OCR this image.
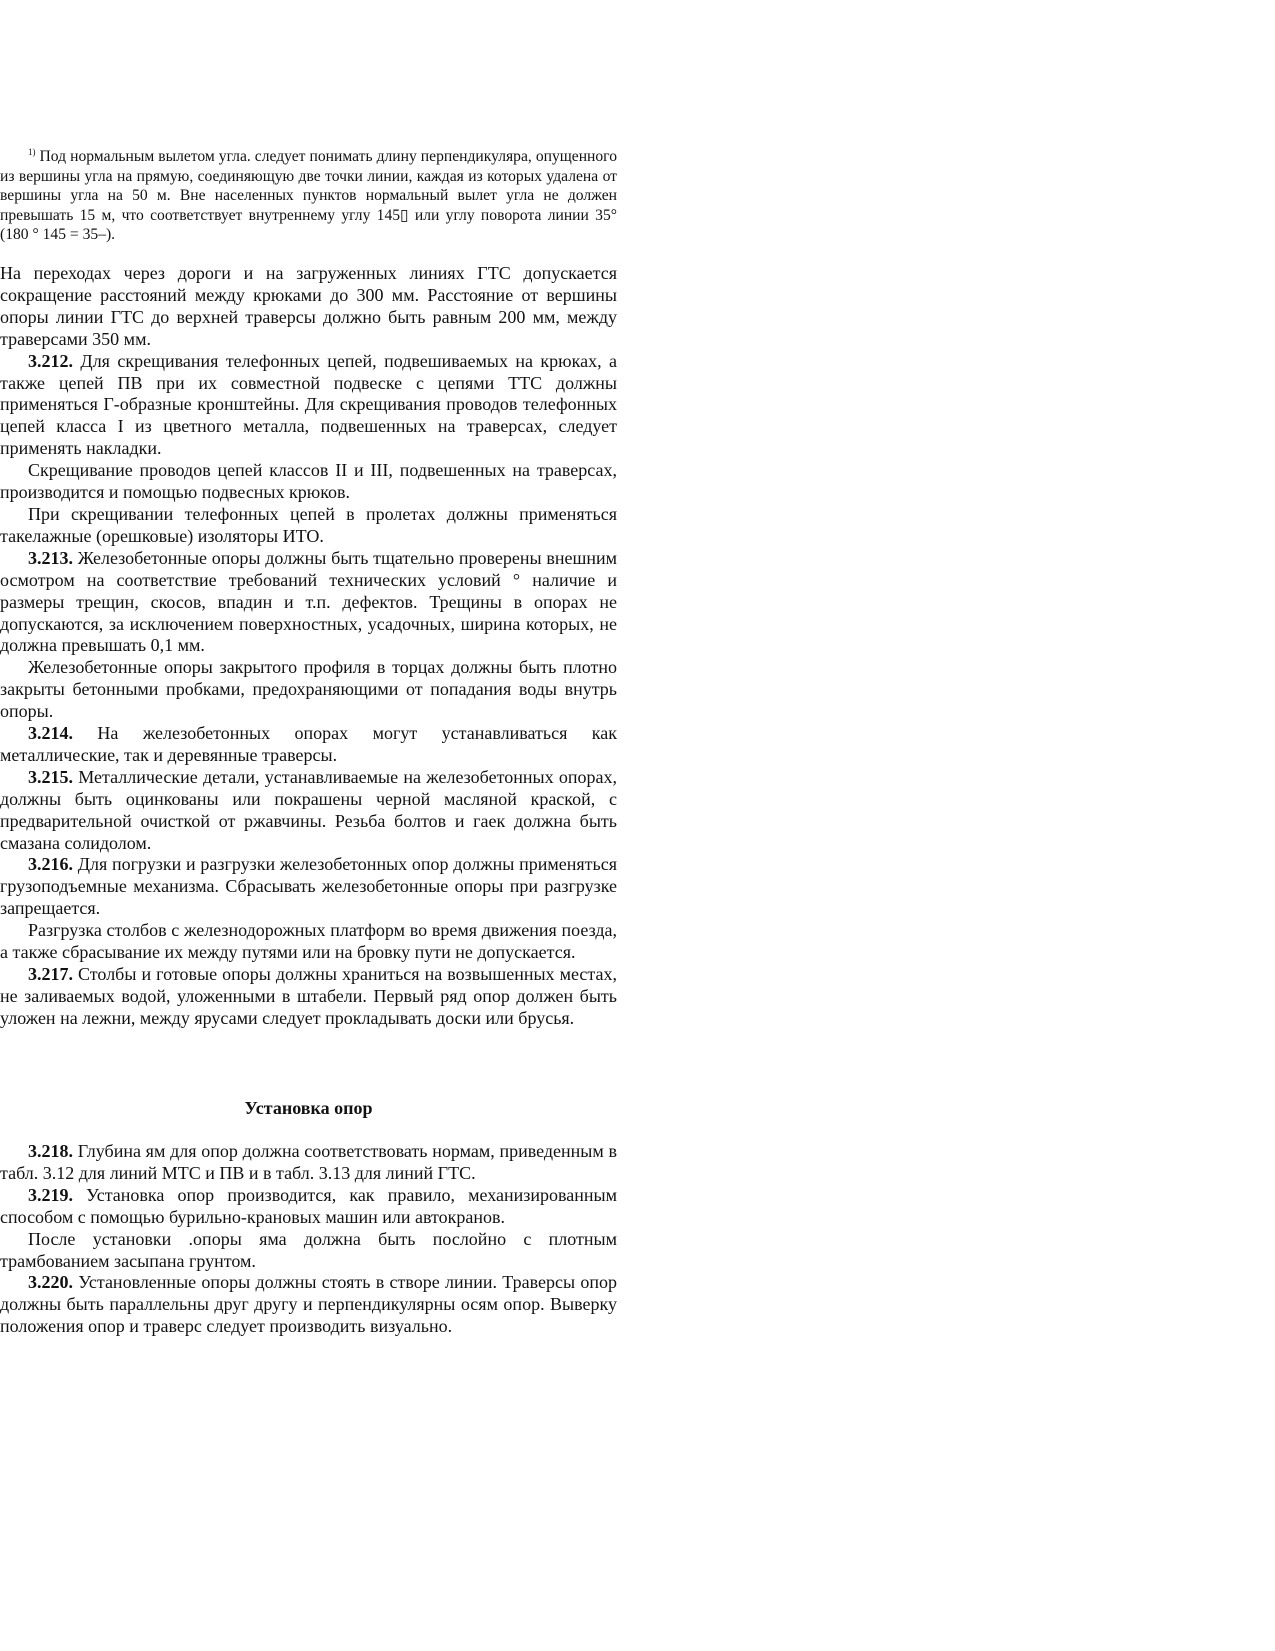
$^{1)}$ Под нормальным вылетом угла. следует понимать длину перпендикуляра, опущенного из вершины угла на прямую, соединяющую две точки линии, каждая из которых удалена от вершины угла на 50 м. Вне населенных пунктов нормальный вылет угла не должен превышать 15 м, что соответствует внутреннему углу 145▯ или углу поворота линии 35° (180 ° 145 = 35–).

На переходах через дороги и на загруженных линиях ГТС допускается сокращение расстояний между крюками до 300 мм. Расстояние от вершины опоры линии ГТС до верхней траверсы должно быть равным 200 мм, между траверсами 350 мм.

3.212. Для скрещивания телефонных цепей, подвешиваемых на крюках, а также цепей ПВ при их совместной подвеске с цепями ТТС должны применяться Г-образные кронштейны. Для скрещивания проводов телефонных цепей класса I из цветного металла, подвешенных на траверсах, следует применять накладки.

Скрещивание проводов цепей классов II и III, подвешенных на траверсах, производится и помощью подвесных крюков.

При скрещивании телефонных цепей в пролетах должны применяться такелажные (орешковые) изоляторы ИТО.

3.213. Железобетонные опоры должны быть тщательно проверены внешним осмотром на соответствие требований технических условий ° наличие и размеры трещин, скосов, впадин и т.п. дефектов. Трещины в опорах не допускаются, за исключением поверхностных, усадочных, ширина которых, не должна превышать 0,1 мм.

Железобетонные опоры закрытого профиля в торцах должны быть плотно закрыты бетонными пробками, предохраняющими от попадания воды внутрь опоры.

3.214. На железобетонных опорах могут устанавливаться как металлические, так и деревянные траверсы.

3.215. Металлические детали, устанавливаемые на железобетонных опорах, должны быть оцинкованы или покрашены черной масляной краской, с предварительной очисткой от ржавчины. Резьба болтов и гаек должна быть смазана солидолом.

3.216. Для погрузки и разгрузки железобетонных опор должны применяться грузоподъемные механизма. Сбрасывать железобетонные опоры при разгрузке запрещается.

Разгрузка столбов с железнодорожных платформ во время движения поезда, а также сбрасывание их между путями или на бровку пути не допускается.

3.217. Столбы и готовые опоры должны храниться на возвышенных местах, не заливаемых водой, уложенными в штабели. Первый ряд опор должен быть уложен на лежни, между ярусами следует прокладывать доски или брусья.

Установка опор

3.218. Глубина ям для опор должна соответствовать нормам, приведенным в табл. 3.12 для линий МТС и ПВ и в табл. 3.13 для линий ГТС.

3.219. Установка опор производится, как правило, механизированным способом с помощью бурильно-крановых машин или автокранов.

После установки .опоры яма должна быть послойно с плотным трамбованием засыпана грунтом.

3.220. Установленные опоры должны стоять в створе линии. Траверсы опор должны быть параллельны друг другу и перпендикулярны осям опор. Выверку положения опор и траверс следует производить визуально.
